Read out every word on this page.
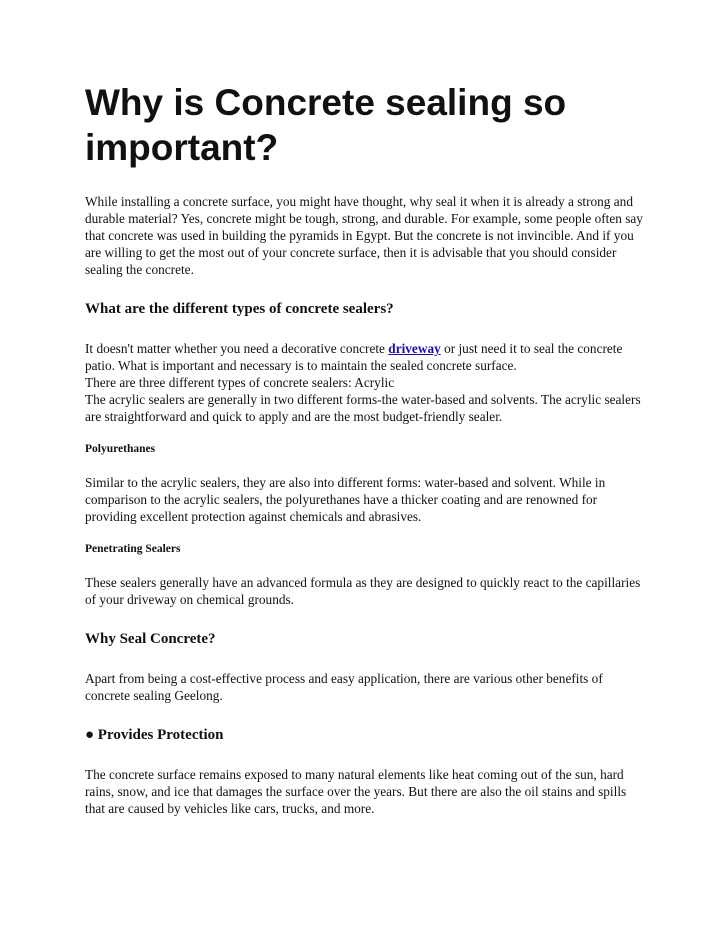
Why is Concrete sealing so important?

While installing a concrete surface, you might have thought, why seal it when it is already a strong and durable material? Yes, concrete might be tough, strong, and durable. For example, some people often say that concrete was used in building the pyramids in Egypt. But the concrete is not invincible. And if you are willing to get the most out of your concrete surface, then it is advisable that you should consider sealing the concrete.

What are the different types of concrete sealers?

It doesn't matter whether you need a decorative concrete driveway or just need it to seal the concrete patio. What is important and necessary is to maintain the sealed concrete surface.
There are three different types of concrete sealers: Acrylic
The acrylic sealers are generally in two different forms-the water-based and solvents. The acrylic sealers are straightforward and quick to apply and are the most budget-friendly sealer.

Polyurethanes

Similar to the acrylic sealers, they are also into different forms: water-based and solvent. While in comparison to the acrylic sealers, the polyurethanes have a thicker coating and are renowned for providing excellent protection against chemicals and abrasives.

Penetrating Sealers

These sealers generally have an advanced formula as they are designed to quickly react to the capillaries of your driveway on chemical grounds.

Why Seal Concrete?

Apart from being a cost-effective process and easy application, there are various other benefits of concrete sealing Geelong.

● Provides Protection

The concrete surface remains exposed to many natural elements like heat coming out of the sun, hard rains, snow, and ice that damages the surface over the years. But there are also the oil stains and spills that are caused by vehicles like cars, trucks, and more.
